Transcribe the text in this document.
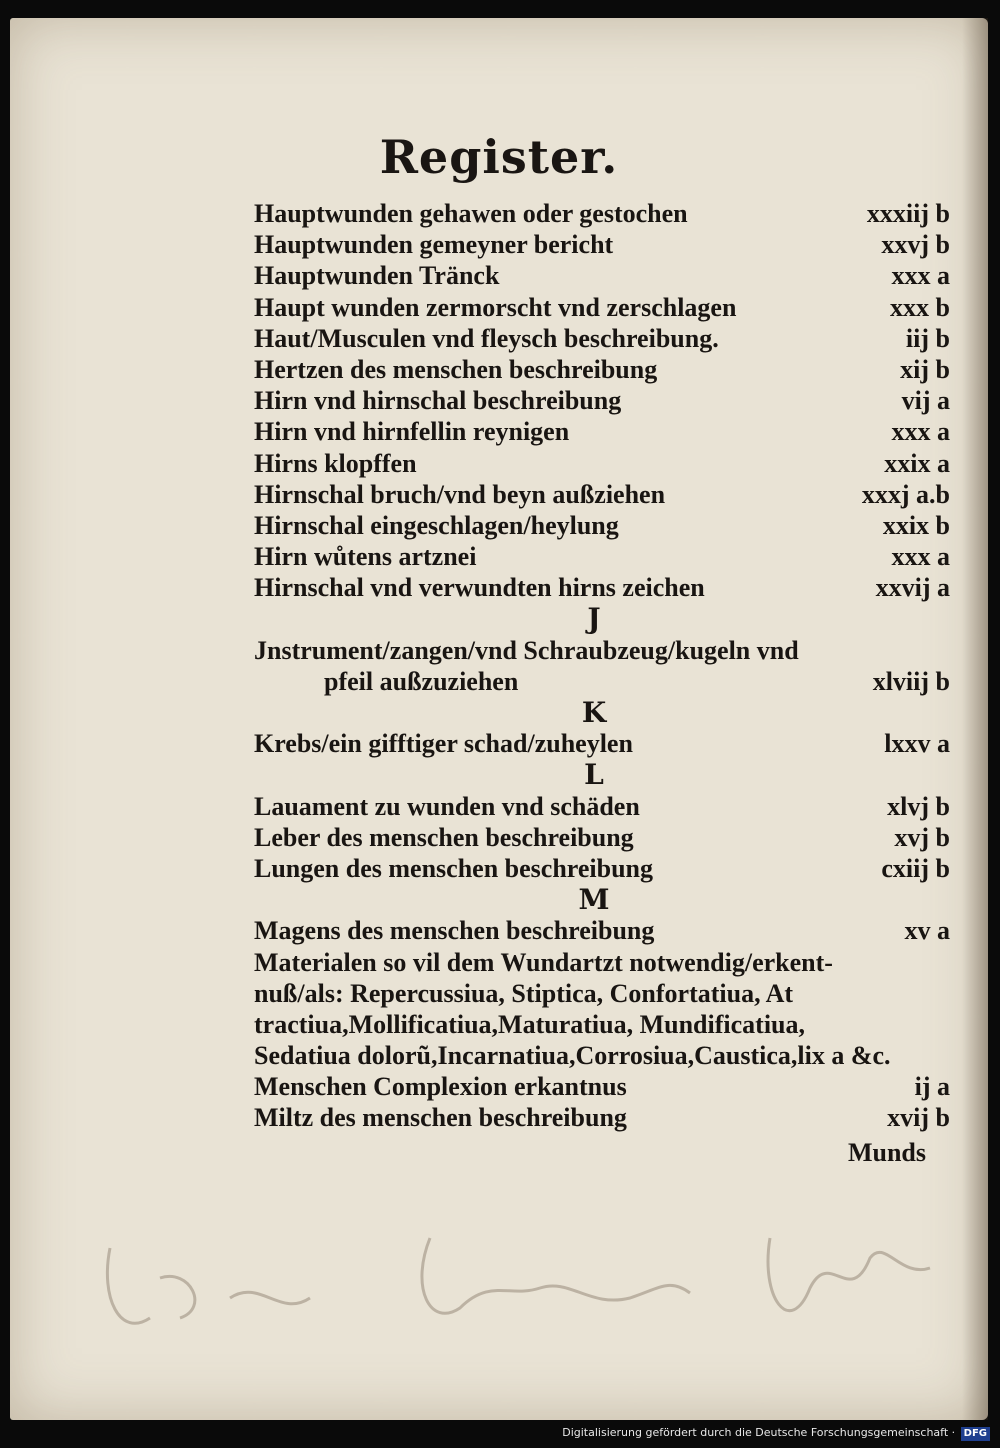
Register.
Hauptwunden gehawen oder gestochen	xxxiij b
Hauptwunden gemeyner bericht	xxvj b
Hauptwunden Tränck	xxx a
Haupt wunden zermorscht vnd zerschlagen	xxx b
Haut/Musculen vnd fleysch beschreibung.	iij b
Hertzen des menschen beschreibung	xij b
Hirn vnd hirnschal beschreibung	vij a
Hirn vnd hirnfellin reynigen	xxx a
Hirns klopffen	xxix a
Hirnschal bruch/vnd beyn außziehen	xxxj a.b
Hirnschal eingeschlagen/heylung	xxix b
Hirn wůtens artznei	xxx a
Hirnschal vnd verwundten hirns zeichen	xxvij a
J
Jnstrument/zangen/vnd Schraubzeug/kugeln vnd
pfeil außzuziehen	xlviij b
K
Krebs/ein gifftiger schad/zuheylen	lxxv a
L
Lauament zu wunden vnd schäden	xlvj b
Leber des menschen beschreibung	xvj b
Lungen des menschen beschreibung	cxiij b
M
Magens des menschen beschreibung	xv a
Materialen so vil dem Wundartzt notwendig/erkent-
nuß/als: Repercussiua, Stiptica, Confortatiua, At
tractiua,Mollificatiua,Maturatiua, Mundificatiua,
Sedatiua dolorũ,Incarnatiua,Corrosiua,Caustica,lix a &c.
Menschen Complexion erkantnus	ij a
Miltz des menschen beschreibung	xvij b
Munds
Digitalisierung gefördert durch die Deutsche Forschungsgemeinschaft · DFG
